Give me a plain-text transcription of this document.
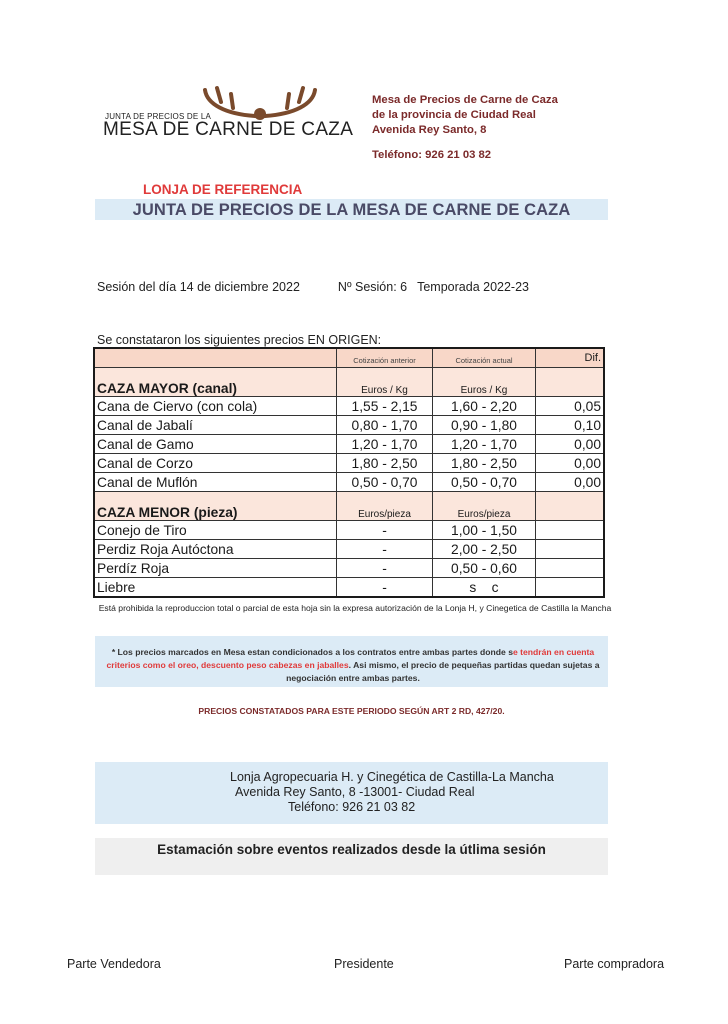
JUNTA DE PRECIOS DE LA
MESA DE CARNE DE CAZA
Mesa de Precios de Carne de Caza
de la provincia de Ciudad Real
Avenida Rey Santo, 8
Teléfono: 926 21 03 82
LONJA DE REFERENCIA
JUNTA DE PRECIOS DE LA MESA DE CARNE DE CAZA
Sesión del día 14 de diciembre 2022	Nº Sesión: 6 Temporada 2022-23
Se constataron los siguientes precios EN ORIGEN:
	Cotización anterior	Cotización actual	Dif.
CAZA MAYOR (canal)	Euros / Kg	Euros / Kg	
Cana de Ciervo (con cola)	1,55 - 2,15	1,60 - 2,20	0,05
Canal de Jabalí	0,80 - 1,70	0,90 - 1,80	0,10
Canal de Gamo	1,20 - 1,70	1,20 - 1,70	0,00
Canal de Corzo	1,80 - 2,50	1,80 - 2,50	0,00
Canal de Muflón	0,50 - 0,70	0,50 - 0,70	0,00
CAZA MENOR (pieza)	Euros/pieza	Euros/pieza	
Conejo de Tiro	-	1,00 - 1,50	
Perdiz Roja Autóctona	-	2,00 - 2,50	
Perdíz Roja	-	0,50 - 0,60	
Liebre	-	s    c	
Está prohibida la reproduccion total o parcial de esta hoja sin la expresa autorización de la Lonja H, y Cinegetica de Castilla la Mancha
* Los precios marcados en Mesa estan condicionados a los contratos entre ambas partes donde se tendrán en cuenta criterios como el oreo, descuento peso cabezas en jaballes. Asi mismo, el precio de pequeñas partidas quedan sujetas a negociación entre ambas partes.
PRECIOS CONSTATADOS PARA ESTE PERIODO SEGÚN ART 2 RD, 427/20.
Lonja Agropecuaria H. y Cinegética de Castilla-La Mancha
Avenida Rey Santo, 8 -13001- Ciudad Real
Teléfono: 926 21 03 82
Estamación sobre eventos realizados desde la útlima sesión
Parte Vendedora	Presidente	Parte compradora
